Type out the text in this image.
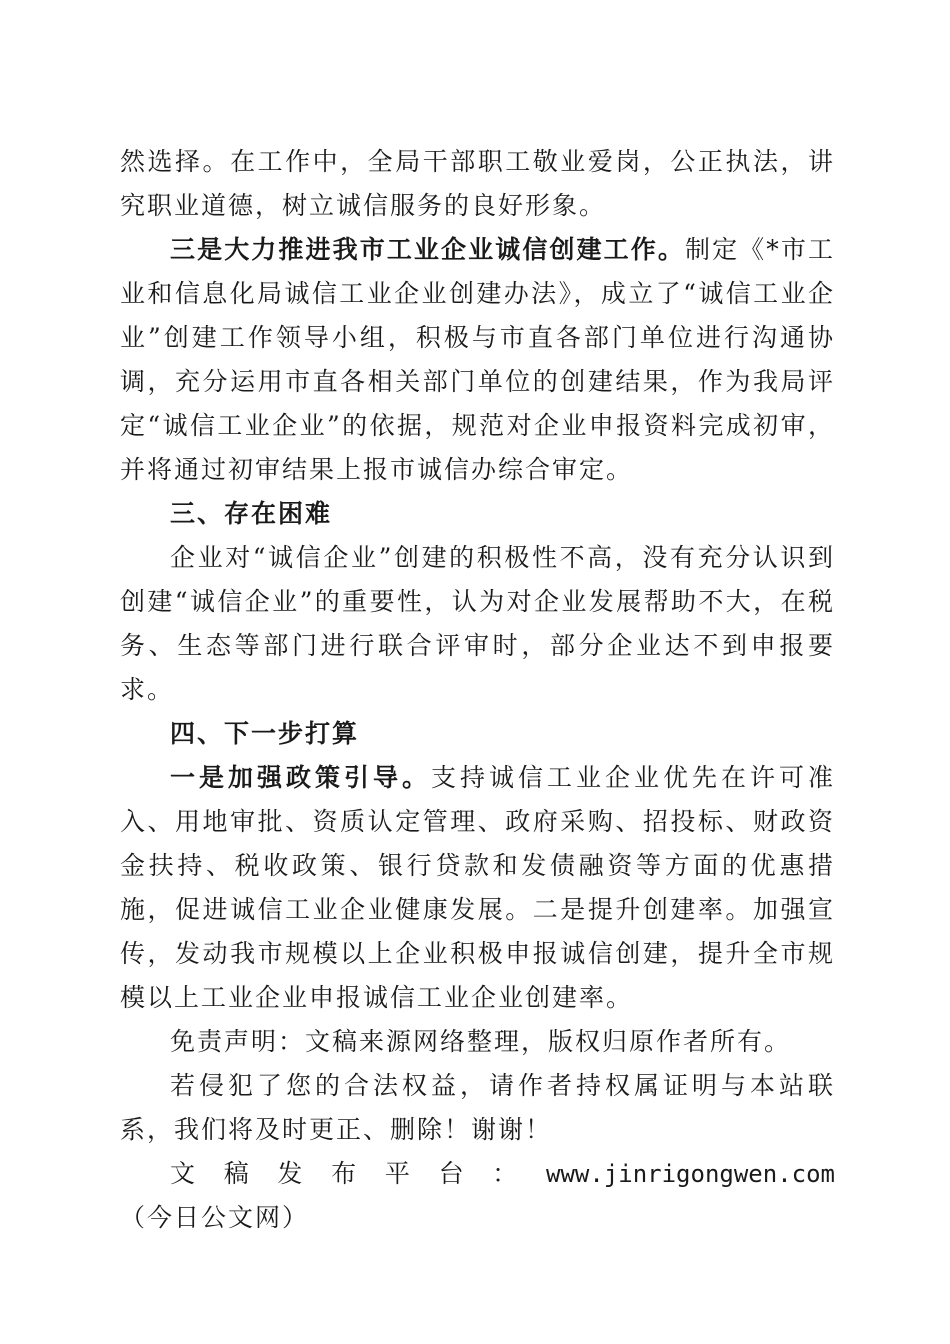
然选择。在工作中，全局干部职工敬业爱岗，公正执法，讲究职业道德，树立诚信服务的良好形象。

三是大力推进我市工业企业诚信创建工作。制定《*市工业和信息化局诚信工业企业创建办法》，成立了“诚信工业企业”创建工作领导小组，积极与市直各部门单位进行沟通协调，充分运用市直各相关部门单位的创建结果，作为我局评定“诚信工业企业”的依据，规范对企业申报资料完成初审，并将通过初审结果上报市诚信办综合审定。

三、存在困难

企业对“诚信企业”创建的积极性不高，没有充分认识到创建“诚信企业”的重要性，认为对企业发展帮助不大，在税务、生态等部门进行联合评审时，部分企业达不到申报要求。

四、下一步打算

一是加强政策引导。支持诚信工业企业优先在许可准入、用地审批、资质认定管理、政府采购、招投标、财政资金扶持、税收政策、银行贷款和发债融资等方面的优惠措施，促进诚信工业企业健康发展。二是提升创建率。加强宣传，发动我市规模以上企业积极申报诚信创建，提升全市规模以上工业企业申报诚信工业企业创建率。

免责声明：文稿来源网络整理，版权归原作者所有。

若侵犯了您的合法权益，请作者持权属证明与本站联系，我们将及时更正、删除！谢谢！

文稿发布平台：www.jinrigongwen.com（今日公文网）
